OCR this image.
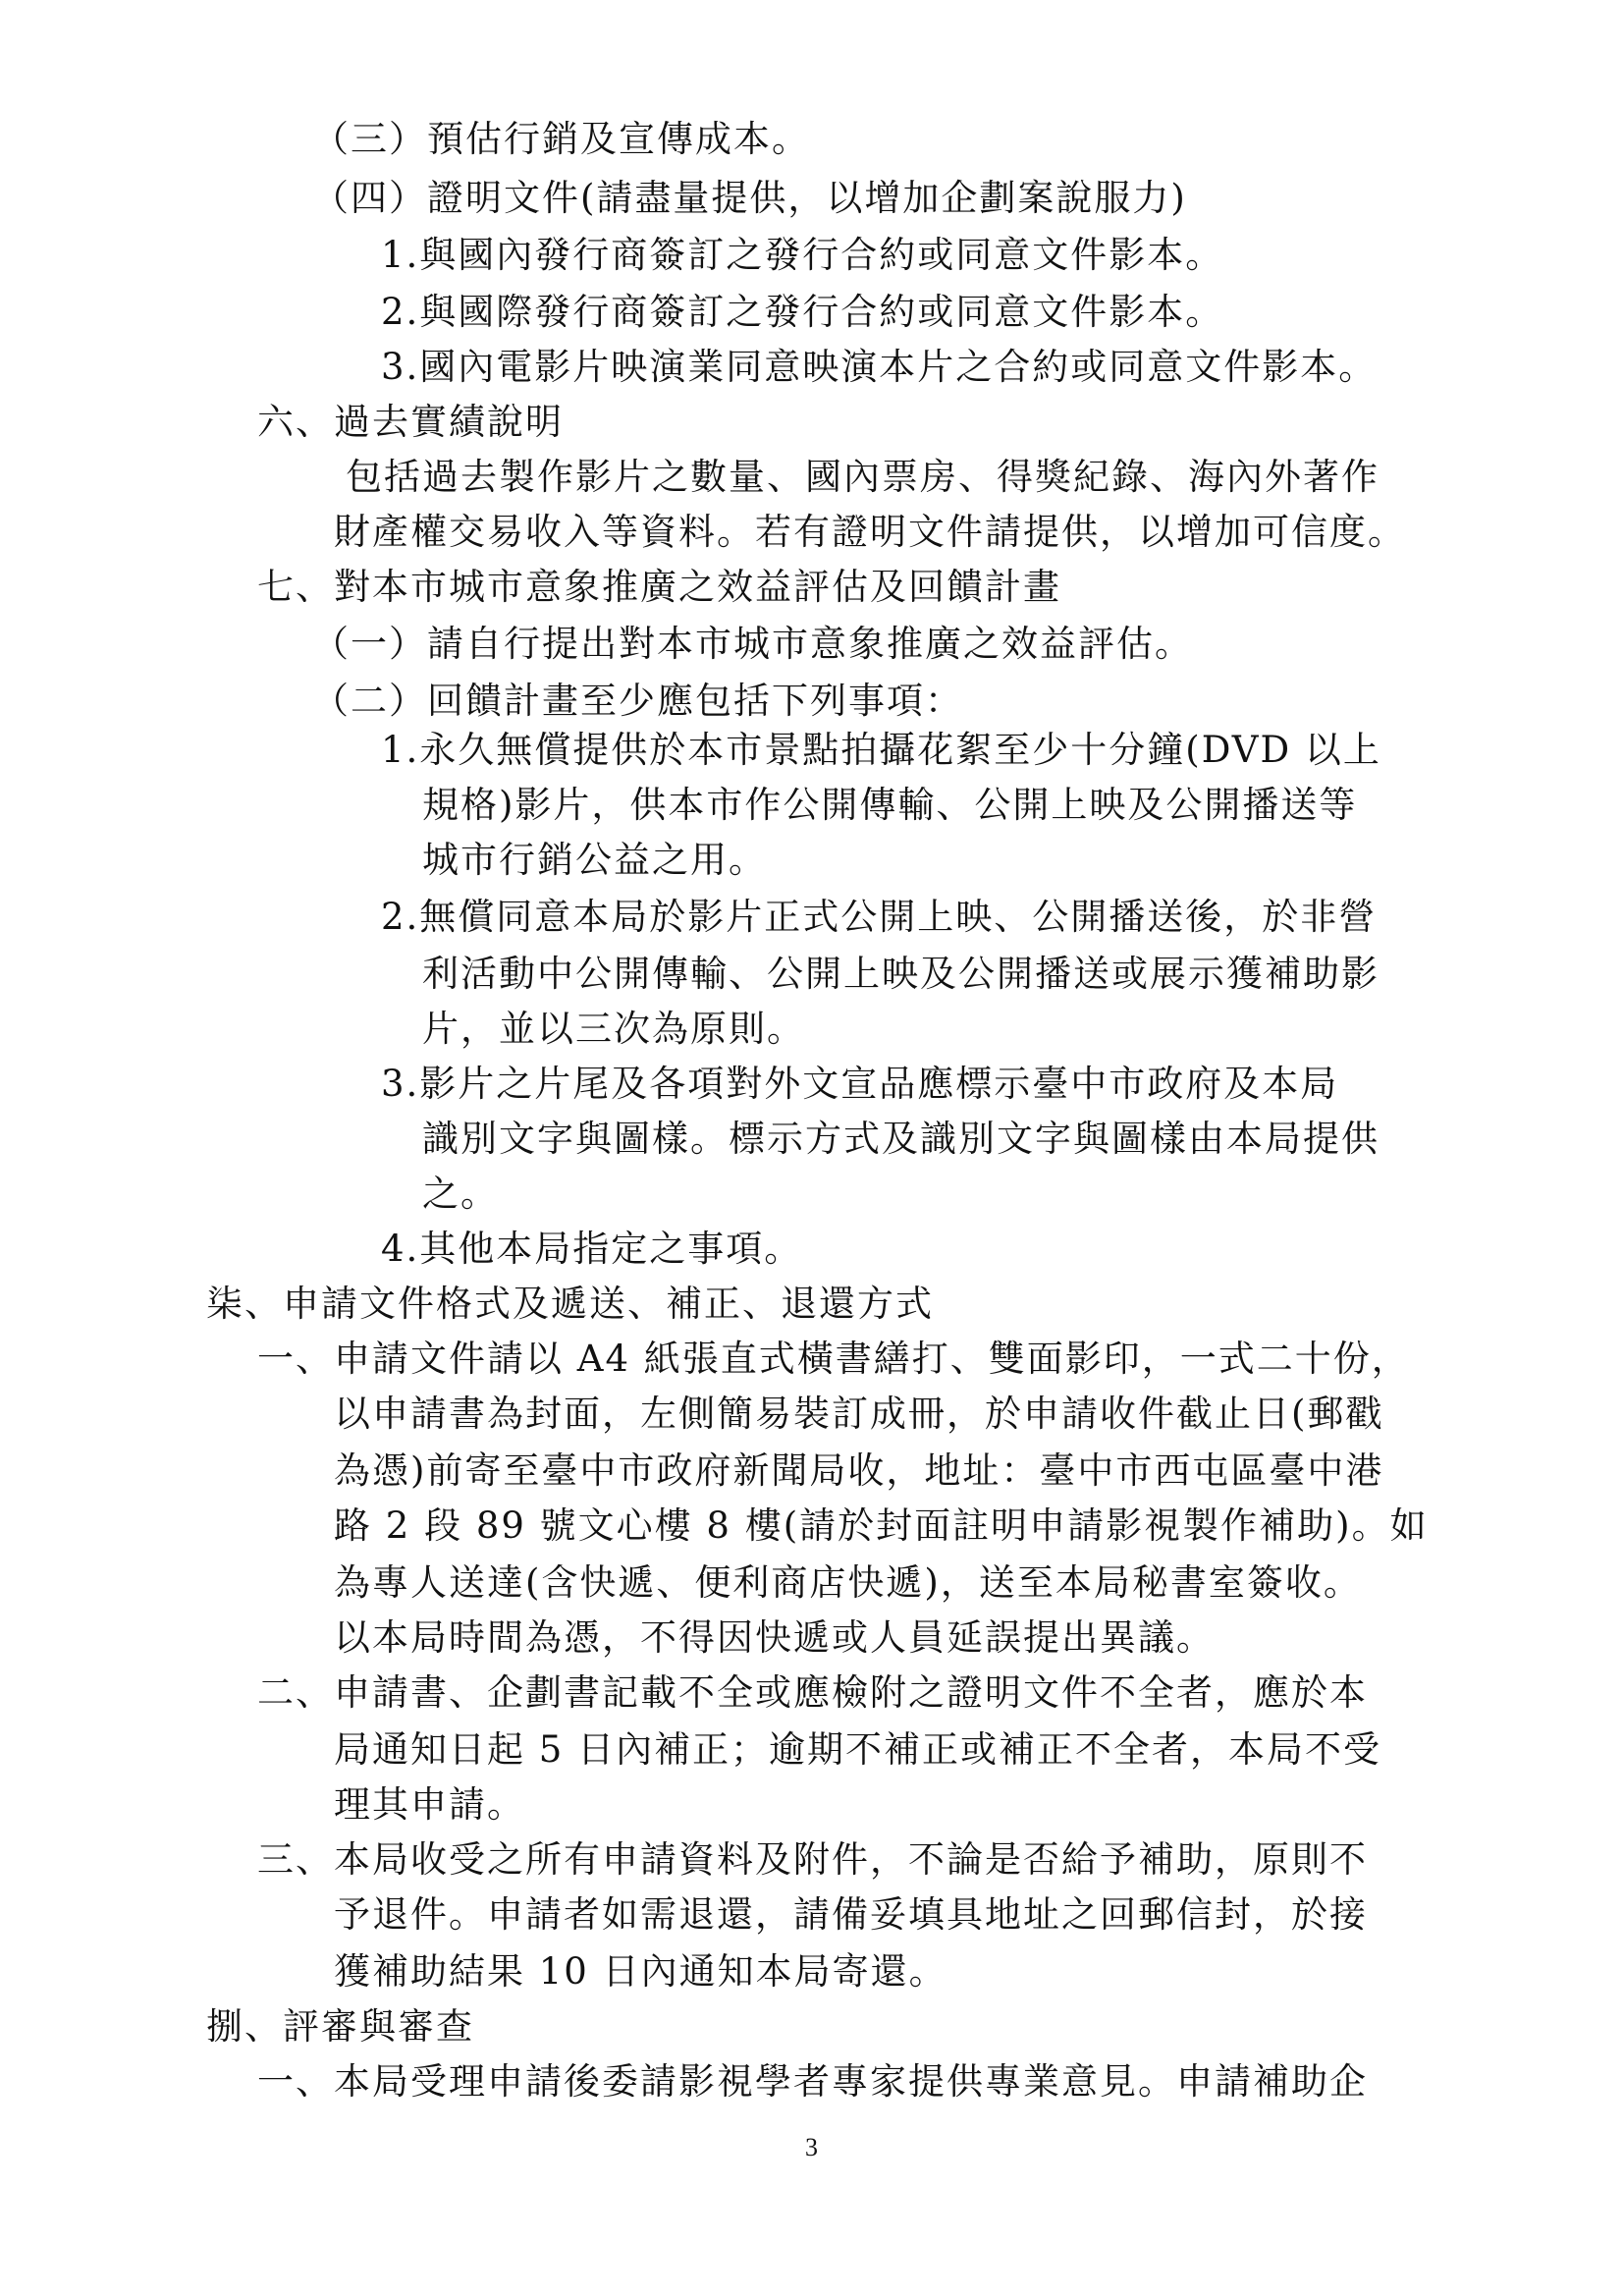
（三）預估行銷及宣傳成本。
（四）證明文件(請盡量提供，以增加企劃案說服力)
1.與國內發行商簽訂之發行合約或同意文件影本。
2.與國際發行商簽訂之發行合約或同意文件影本。
3.國內電影片映演業同意映演本片之合約或同意文件影本。
六、過去實績說明
包括過去製作影片之數量、國內票房、得獎紀錄、海內外著作
財產權交易收入等資料。若有證明文件請提供，以增加可信度。
七、對本市城市意象推廣之效益評估及回饋計畫
（一）請自行提出對本市城市意象推廣之效益評估。
（二）回饋計畫至少應包括下列事項：
1.永久無償提供於本市景點拍攝花絮至少十分鐘(DVD 以上
規格)影片，供本市作公開傳輸、公開上映及公開播送等
城市行銷公益之用。
2.無償同意本局於影片正式公開上映、公開播送後，於非營
利活動中公開傳輸、公開上映及公開播送或展示獲補助影
片，並以三次為原則。
3.影片之片尾及各項對外文宣品應標示臺中市政府及本局
識別文字與圖樣。標示方式及識別文字與圖樣由本局提供
之。
4.其他本局指定之事項。
柒、申請文件格式及遞送、補正、退還方式
一、申請文件請以 A4 紙張直式橫書繕打、雙面影印，一式二十份，
以申請書為封面，左側簡易裝訂成冊，於申請收件截止日(郵戳
為憑)前寄至臺中市政府新聞局收，地址：臺中市西屯區臺中港
路 2 段 89 號文心樓 8 樓(請於封面註明申請影視製作補助)。如
為專人送達(含快遞、便利商店快遞)，送至本局秘書室簽收。
以本局時間為憑，不得因快遞或人員延誤提出異議。
二、申請書、企劃書記載不全或應檢附之證明文件不全者，應於本
局通知日起 5 日內補正；逾期不補正或補正不全者，本局不受
理其申請。
三、本局收受之所有申請資料及附件，不論是否給予補助，原則不
予退件。申請者如需退還，請備妥填具地址之回郵信封，於接
獲補助結果 10 日內通知本局寄還。
捌、評審與審查
一、本局受理申請後委請影視學者專家提供專業意見。申請補助企
3
